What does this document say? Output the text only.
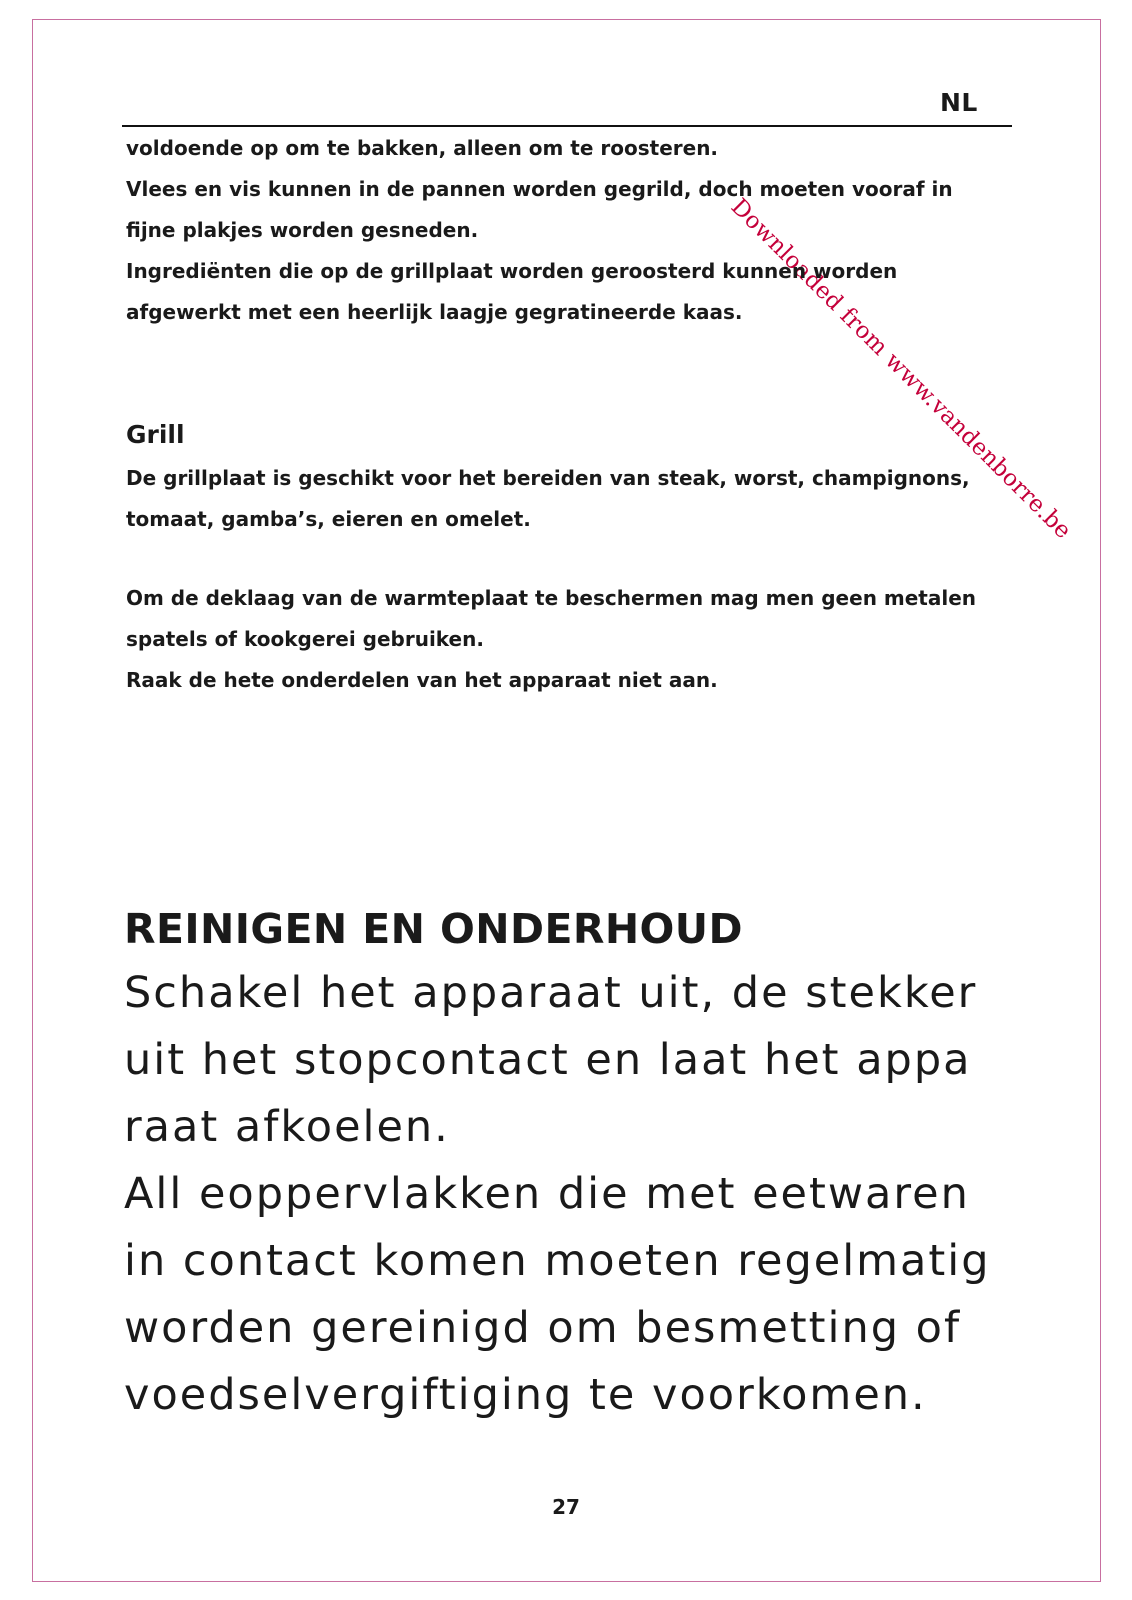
Downloaded from www.vandenborre.be
NL
voldoende op om te bakken, alleen om te roosteren.
Vlees en vis kunnen in de pannen worden gegrild, doch moeten vooraf in
fijne plakjes worden gesneden.
Ingrediënten die op de grillplaat worden geroosterd kunnen worden
afgewerkt met een heerlijk laagje gegratineerde kaas.
Grill
De grillplaat is geschikt voor het bereiden van steak, worst, champignons,
tomaat, gamba’s, eieren en omelet.
Om de deklaag van de warmteplaat te beschermen mag men geen metalen
spatels of kookgerei gebruiken.
Raak de hete onderdelen van het apparaat niet aan.
REINIGEN EN ONDERHOUD
Schakel het apparaat uit, de stekker
uit het stopcontact en laat het appa
raat afkoelen.
All eoppervlakken die met eetwaren
in contact komen moeten regelmatig
worden gereinigd om besmetting of
voedselvergiftiging te voorkomen.
27
